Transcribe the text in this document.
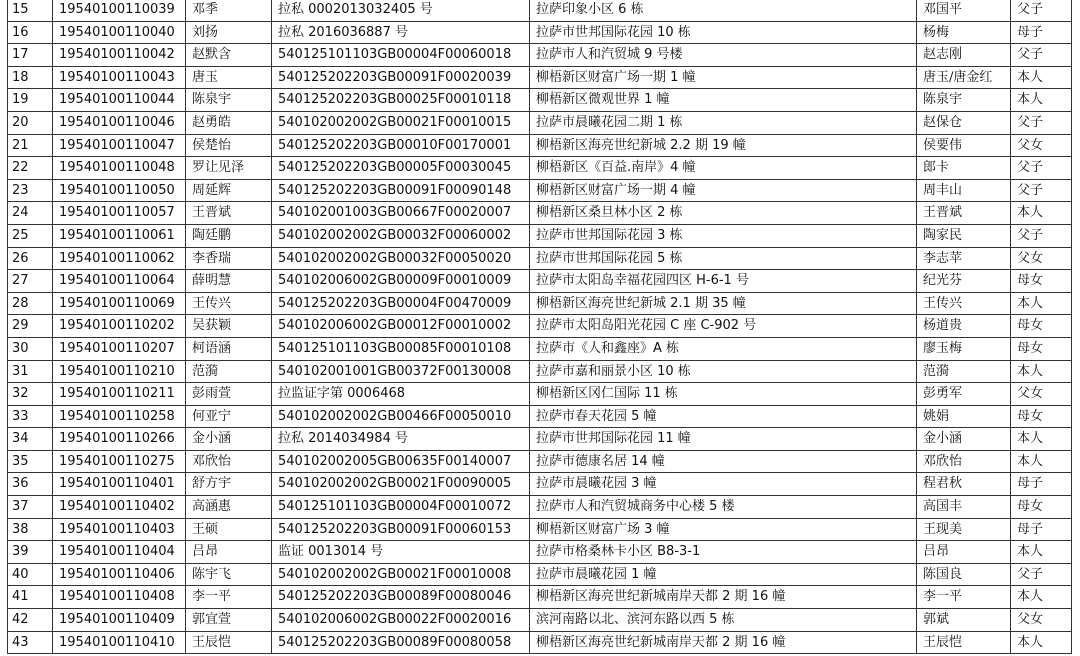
15	19540100110039	邓季	拉私 0002013032405 号	拉萨印象小区 6 栋	邓国平	父子
16	19540100110040	刘扬	拉私 2016036887 号	拉萨市世邦国际花园 10 栋	杨梅	母子
17	19540100110042	赵默含	540125101103GB00004F00060018	拉萨市人和汽贸城 9 号楼	赵志刚	父子
18	19540100110043	唐玉	540125202203GB00091F00020039	柳梧新区财富广场一期 1 幢	唐玉/唐金红	本人
19	19540100110044	陈泉宇	540125202203GB00025F00010118	柳梧新区微观世界 1 幢	陈泉宇	本人
20	19540100110046	赵勇皓	540102002002GB00021F00010015	拉萨市晨曦花园二期 1 栋	赵保仓	父子
21	19540100110047	侯楚怡	540125202203GB00010F00170001	柳梧新区海亮世纪新城 2.2 期 19 幢	侯要伟	父女
22	19540100110048	罗让见泽	540125202203GB00005F00030045	柳梧新区《百益.南岸》4 幢	郎卡	父子
23	19540100110050	周延辉	540125202203GB00091F00090148	柳梧新区财富广场一期 4 幢	周丰山	父子
24	19540100110057	王晋斌	540102001003GB00667F00020007	柳梧新区桑旦林小区 2 栋	王晋斌	本人
25	19540100110061	陶廷鹏	540102002002GB00032F00060002	拉萨市世邦国际花园 3 栋	陶家民	父子
26	19540100110062	李香瑞	540102002002GB00032F00050020	拉萨市世邦国际花园 5 栋	李志苹	父女
27	19540100110064	薛明慧	540102006002GB00009F00010009	拉萨市太阳岛幸福花园四区 H-6-1 号	纪光芬	母女
28	19540100110069	王传兴	540125202203GB00004F00470009	柳梧新区海亮世纪新城 2.1 期 35 幢	王传兴	本人
29	19540100110202	吴获颖	540102006002GB00012F00010002	拉萨市太阳岛阳光花园 C 座 C-902 号	杨道贵	母女
30	19540100110207	柯语涵	540125101103GB00085F00010108	拉萨市《人和鑫座》A 栋	廖玉梅	母女
31	19540100110210	范漪	540102001001GB00372F00130008	拉萨市嘉和丽景小区 10 栋	范漪	本人
32	19540100110211	彭雨萱	拉监证字第 0006468	柳梧新区冈仁国际 11 栋	彭勇军	父女
33	19540100110258	何亚宁	540102002002GB00466F00050010	拉萨市春天花园 5 幢	姚娟	母女
34	19540100110266	金小涵	拉私 2014034984 号	拉萨市世邦国际花园 11 幢	金小涵	本人
35	19540100110275	邓欣怡	540102002005GB00635F00140007	拉萨市德康名居 14 幢	邓欣怡	本人
36	19540100110401	舒方宇	540102002002GB00021F00090005	拉萨市晨曦花园 3 幢	程君秋	母子
37	19540100110402	高涵惠	540125101103GB00004F00010072	拉萨市人和汽贸城商务中心楼 5 楼	高国丰	母女
38	19540100110403	王硕	540125202203GB00091F00060153	柳梧新区财富广场 3 幢	王现美	母子
39	19540100110404	吕昂	监证 0013014 号	拉萨市格桑林卡小区 B8-3-1	吕昂	本人
40	19540100110406	陈宇飞	540102002002GB00021F00010008	拉萨市晨曦花园 1 幢	陈国良	父子
41	19540100110408	李一平	540125202203GB00089F00080046	柳梧新区海亮世纪新城南岸天都 2 期 16 幢	李一平	本人
42	19540100110409	郭宜萱	540102006002GB00022F00020016	滨河南路以北、滨河东路以西 5 栋	郭斌	父女
43	19540100110410	王辰恺	540125202203GB00089F00080058	柳梧新区海亮世纪新城南岸天都 2 期 16 幢	王辰恺	本人
